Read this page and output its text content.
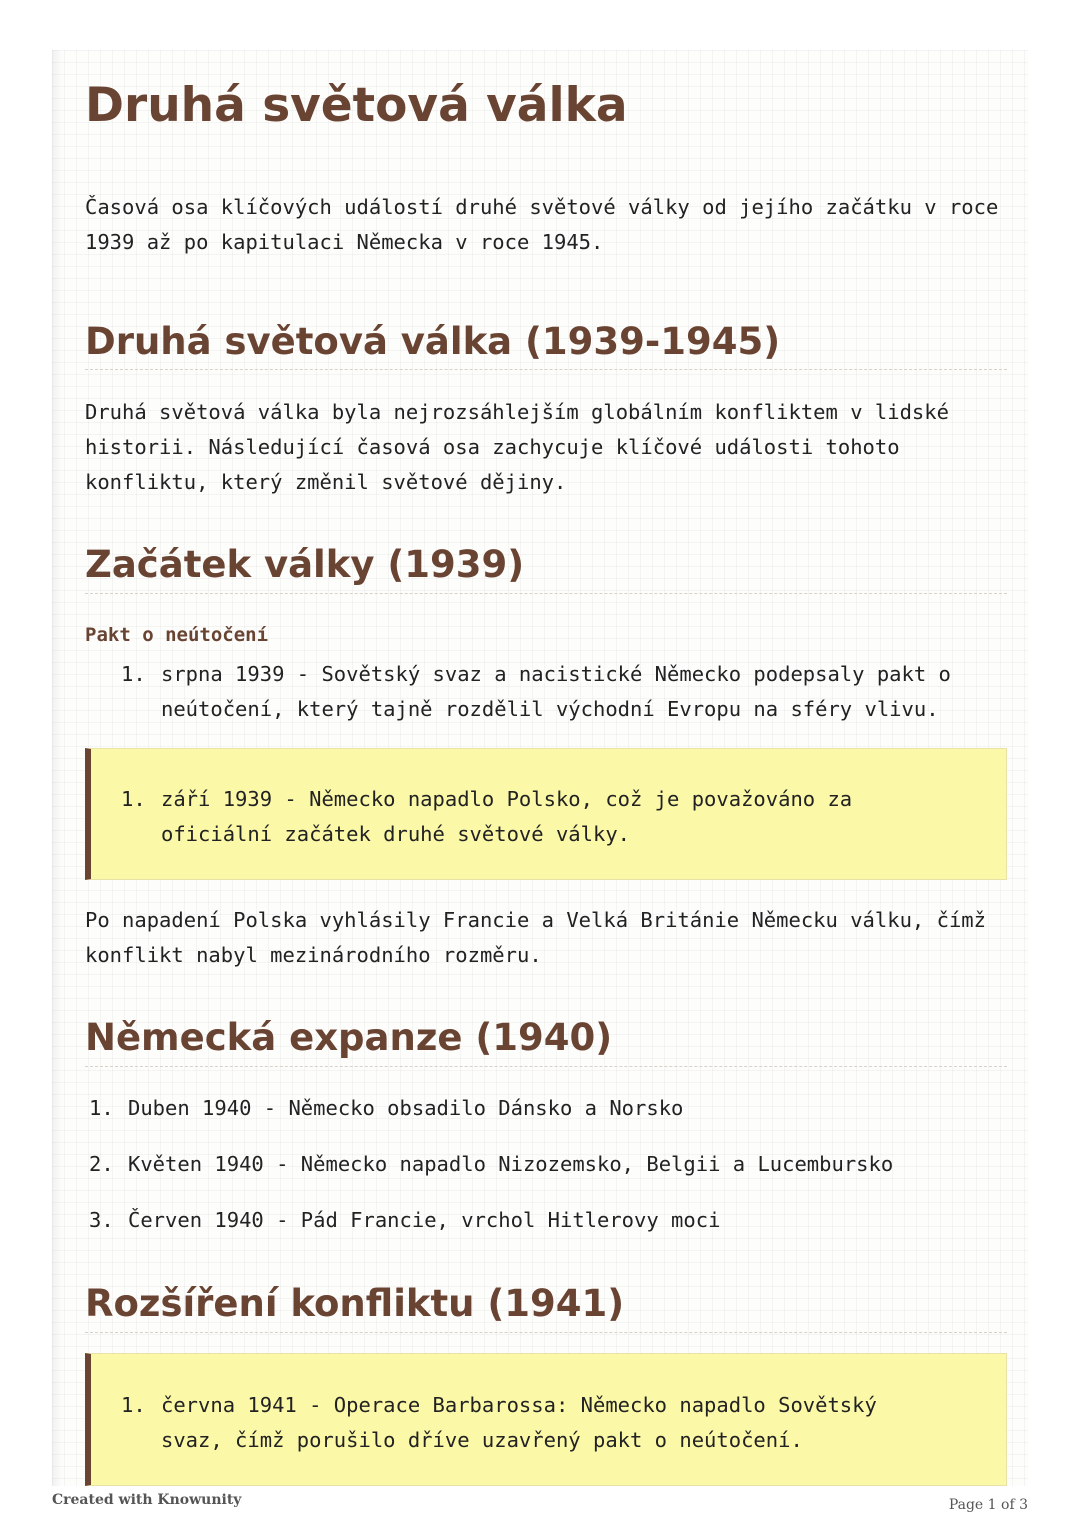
Druhá světová válka

Časová osa klíčových událostí druhé světové války od jejího začátku v roce 1939 až po kapitulaci Německa v roce 1945.

Druhá světová válka (1939-1945)

Druhá světová válka byla nejrozsáhlejším globálním konfliktem v lidské historii. Následující časová osa zachycuje klíčové události tohoto konfliktu, který změnil světové dějiny.

Začátek války (1939)
Pakt o neútočení
1. srpna 1939 - Sovětský svaz a nacistické Německo podepsaly pakt o neútočení, který tajně rozdělil východní Evropu na sféry vlivu.
1. září 1939 - Německo napadlo Polsko, což je považováno za oficiální začátek druhé světové války.

Po napadení Polska vyhlásily Francie a Velká Británie Německu válku, čímž konflikt nabyl mezinárodního rozměru.

Německá expanze (1940)
1. Duben 1940 - Německo obsadilo Dánsko a Norsko
2. Květen 1940 - Německo napadlo Nizozemsko, Belgii a Lucembursko
3. Červen 1940 - Pád Francie, vrchol Hitlerovy moci
Rozšíření konfliktu (1941)
1. června 1941 - Operace Barbarossa: Německo napadlo Sovětský svaz, čímž porušilo dříve uzavřený pakt o neútočení.
Created with Knowunity	Page 1 of 3
